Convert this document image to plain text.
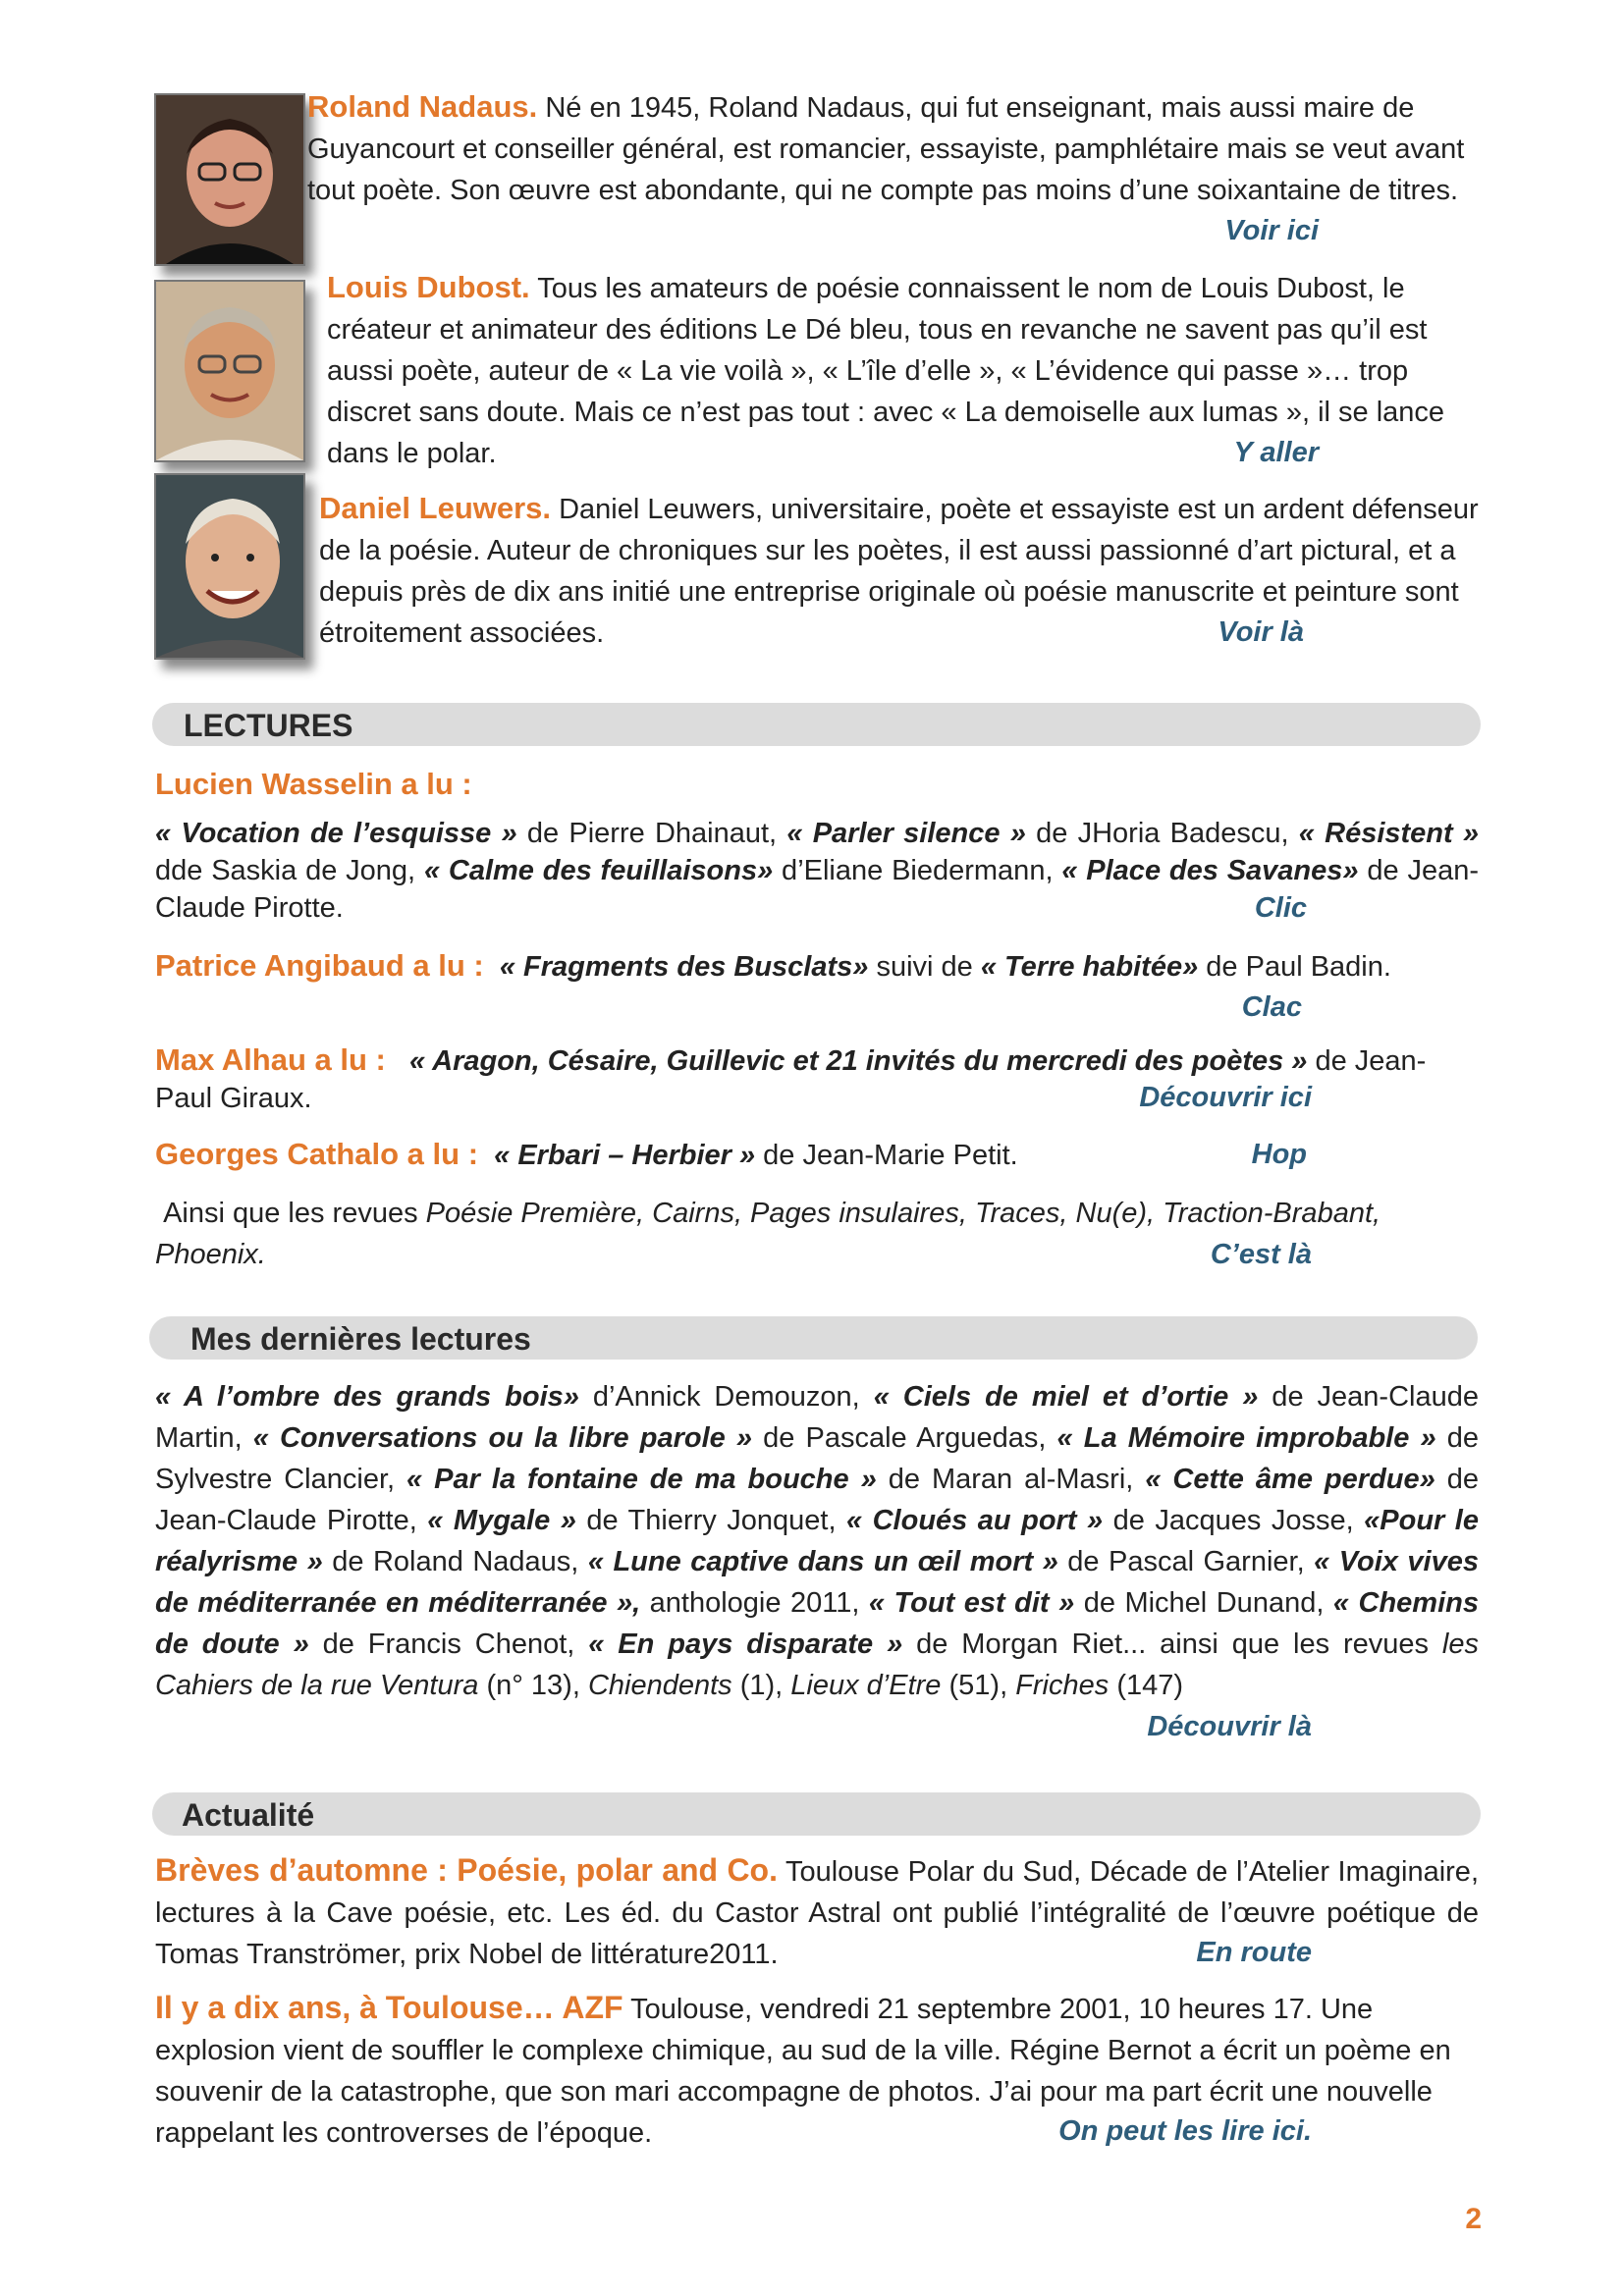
Roland Nadaus. Né en 1945, Roland Nadaus, qui fut enseignant, mais aussi maire de Guyancourt et conseiller général, est romancier, essayiste, pamphlétaire mais se veut avant tout poète. Son œuvre est abondante, qui ne compte pas moins d’une soixantaine de titres.

Voir ici

Louis Dubost. Tous les amateurs de poésie connaissent le nom de Louis Dubost, le créateur et animateur des éditions Le Dé bleu, tous en revanche ne savent pas qu’il est aussi poète, auteur de « La vie voilà », « L’île d’elle », « L’évidence qui passe »… trop discret sans doute. Mais ce n’est pas tout : avec « La demoiselle aux lumas », il se lance dans le polar.	Y aller

Daniel Leuwers. Daniel Leuwers, universitaire, poète et essayiste est un ardent défenseur de la poésie. Auteur de chroniques sur les poètes, il est aussi passionné d’art pictural, et a depuis près de dix ans initié une entreprise originale où poésie manuscrite et peinture sont étroitement associées.	Voir là
LECTURES
Lucien Wasselin a lu :

« Vocation de l’esquisse » de Pierre Dhainaut, « Parler silence » de JHoria Badescu, « Résistent » dde Saskia de Jong, « Calme des feuillaisons» d’Eliane Biedermann, « Place des Savanes» de Jean-Claude Pirotte.	Clic

Patrice Angibaud a lu : « Fragments des Busclats» suivi de « Terre habitée» de Paul Badin.

Clac

Max Alhau a lu : « Aragon, Césaire, Guillevic et 21 invités du mercredi des poètes » de Jean-Paul Giraux.	Découvrir ici

Georges Cathalo a lu : « Erbari – Herbier » de Jean-Marie Petit.	Hop

Ainsi que les revues Poésie Première, Cairns, Pages insulaires, Traces, Nu(e), Traction-Brabant, Phoenix.	C’est là
Mes dernières lectures

« A l’ombre des grands bois» d’Annick Demouzon, « Ciels de miel et d’ortie » de Jean-Claude Martin, « Conversations ou la libre parole » de Pascale Arguedas, « La Mémoire improbable » de Sylvestre Clancier, « Par la fontaine de ma bouche » de Maran al-Masri, « Cette âme perdue» de Jean-Claude Pirotte, « Mygale » de Thierry Jonquet, « Cloués au port » de Jacques Josse, «Pour le réalyrisme » de Roland Nadaus, « Lune captive dans un œil mort » de Pascal Garnier, « Voix vives de méditerranée en méditerranée », anthologie 2011, « Tout est dit » de Michel Dunand, « Chemins de doute » de Francis Chenot, « En pays disparate » de Morgan Riet... ainsi que les revues les Cahiers de la rue Ventura (n° 13), Chiendents (1), Lieux d’Etre (51), Friches (147)

Découvrir là
Actualité

Brèves d’automne : Poésie, polar and Co. Toulouse Polar du Sud, Décade de l’Atelier Imaginaire, lectures à la Cave poésie, etc. Les éd. du Castor Astral ont publié l’intégralité de l’œuvre poétique de Tomas Tranströmer, prix Nobel de littérature2011.	En route

Il y a dix ans, à Toulouse… AZF Toulouse, vendredi 21 septembre 2001, 10 heures 17. Une explosion vient de souffler le complexe chimique, au sud de la ville. Régine Bernot a écrit un poème en souvenir de la catastrophe, que son mari accompagne de photos. J’ai pour ma part écrit une nouvelle rappelant les controverses de l’époque.	On peut les lire ici.
2
